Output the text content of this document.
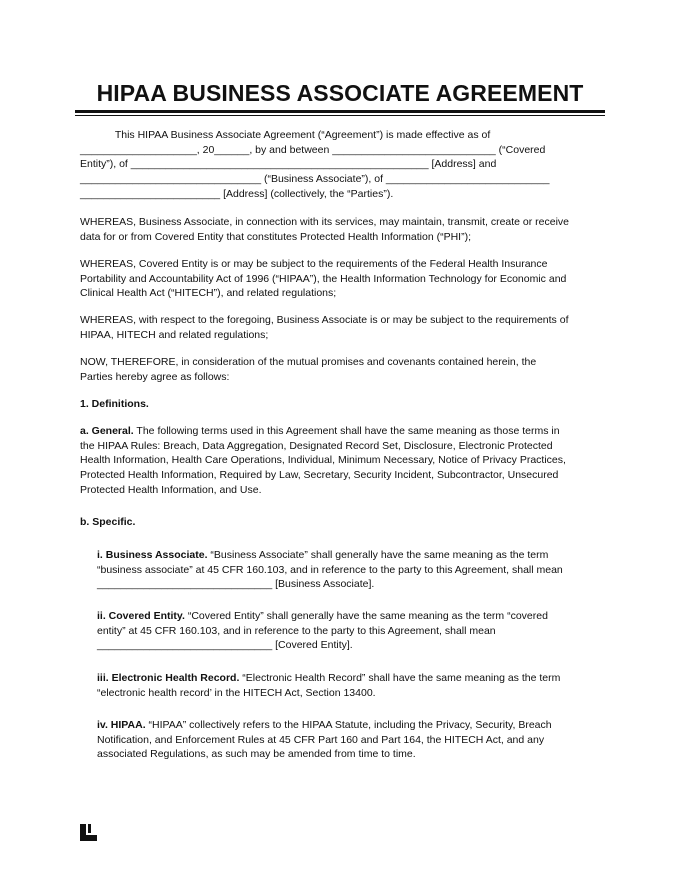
HIPAA BUSINESS ASSOCIATE AGREEMENT
This HIPAA Business Associate Agreement (“Agreement”) is made effective as of
____________________, 20______, by and between ____________________________ (“Covered
Entity”), of ___________________________________________________ [Address] and
_______________________________ (“Business Associate”), of ____________________________
________________________ [Address] (collectively, the “Parties”).
WHEREAS, Business Associate, in connection with its services, may maintain, transmit, create or receive
data for or from Covered Entity that constitutes Protected Health Information (“PHI”);
WHEREAS, Covered Entity is or may be subject to the requirements of the Federal Health Insurance
Portability and Accountability Act of 1996 (“HIPAA”), the Health Information Technology for Economic and
Clinical Health Act (“HITECH”), and related regulations;
WHEREAS, with respect to the foregoing, Business Associate is or may be subject to the requirements of
HIPAA, HITECH and related regulations;
NOW, THEREFORE, in consideration of the mutual promises and covenants contained herein, the
Parties hereby agree as follows:
1. Definitions.
a. General. The following terms used in this Agreement shall have the same meaning as those terms in
the HIPAA Rules: Breach, Data Aggregation, Designated Record Set, Disclosure, Electronic Protected
Health Information, Health Care Operations, Individual, Minimum Necessary, Notice of Privacy Practices,
Protected Health Information, Required by Law, Secretary, Security Incident, Subcontractor, Unsecured
Protected Health Information, and Use.
b. Specific.
i. Business Associate. “Business Associate” shall generally have the same meaning as the term
“business associate” at 45 CFR 160.103, and in reference to the party to this Agreement, shall mean
______________________________ [Business Associate].
ii. Covered Entity. “Covered Entity” shall generally have the same meaning as the term “covered
entity” at 45 CFR 160.103, and in reference to the party to this Agreement, shall mean
______________________________ [Covered Entity].
iii. Electronic Health Record. “Electronic Health Record” shall have the same meaning as the term
“electronic health record’ in the HITECH Act, Section 13400.
iv. HIPAA. “HIPAA” collectively refers to the HIPAA Statute, including the Privacy, Security, Breach
Notification, and Enforcement Rules at 45 CFR Part 160 and Part 164, the HITECH Act, and any
associated Regulations, as such may be amended from time to time.
